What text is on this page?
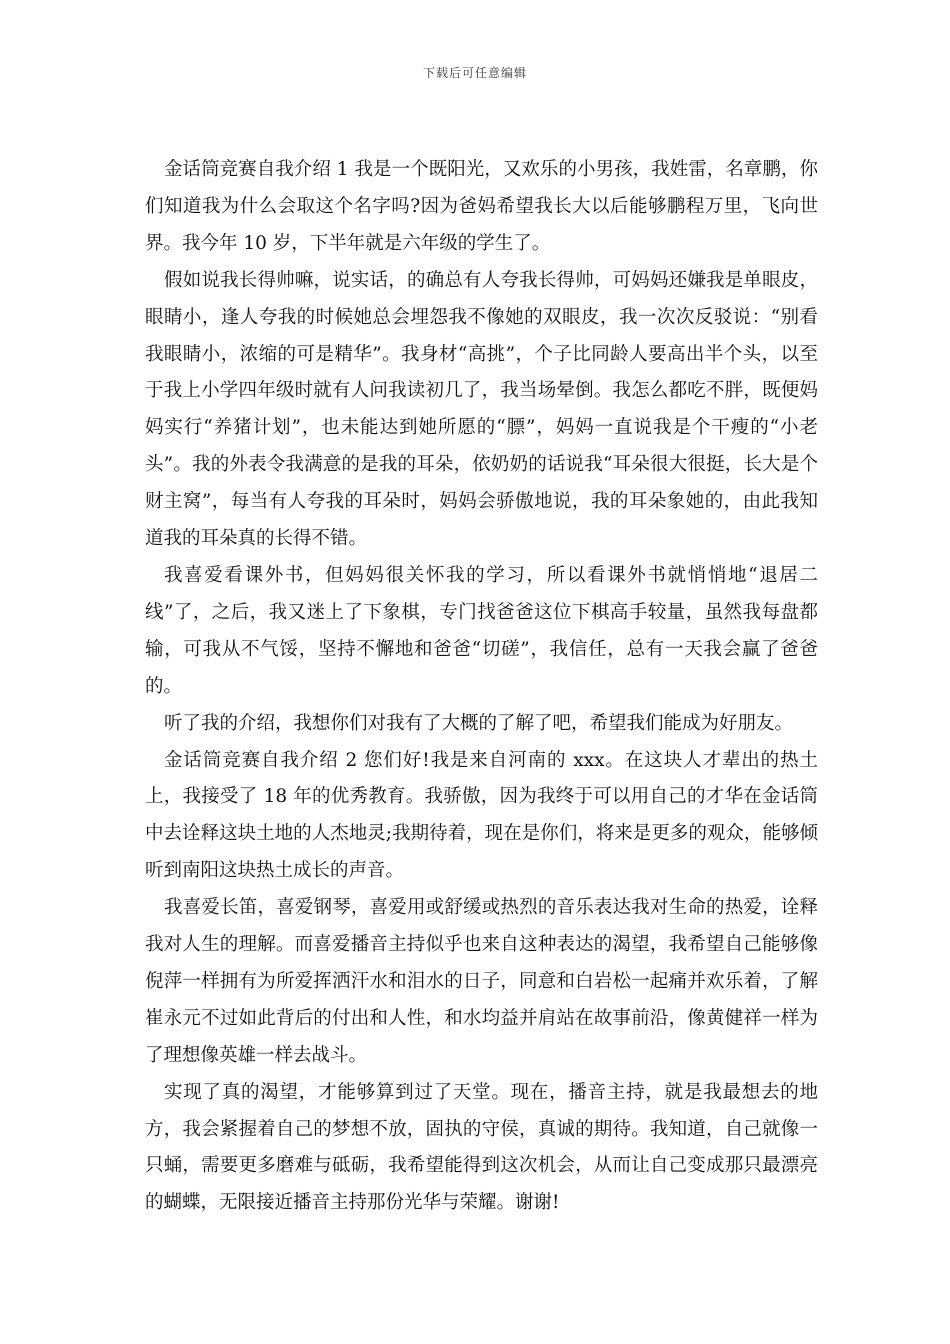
下载后可任意编辑

金话筒竞赛自我介绍 1 我是一个既阳光，又欢乐的小男孩，我姓雷，名章鹏，你们知道我为什么会取这个名字吗?因为爸妈希望我长大以后能够鹏程万里，飞向世界。我今年 10 岁，下半年就是六年级的学生了。

假如说我长得帅嘛，说实话，的确总有人夸我长得帅，可妈妈还嫌我是单眼皮，眼睛小，逢人夸我的时候她总会埋怨我不像她的双眼皮，我一次次反驳说：“别看我眼睛小，浓缩的可是精华”。我身材“高挑”，个子比同龄人要高出半个头，以至于我上小学四年级时就有人问我读初几了，我当场晕倒。我怎么都吃不胖，既便妈妈实行“养猪计划”，也未能达到她所愿的“膘”，妈妈一直说我是个干瘦的“小老头”。我的外表令我满意的是我的耳朵，依奶奶的话说我“耳朵很大很挺，长大是个财主窝”，每当有人夸我的耳朵时，妈妈会骄傲地说，我的耳朵象她的，由此我知道我的耳朵真的长得不错。

我喜爱看课外书，但妈妈很关怀我的学习，所以看课外书就悄悄地“退居二线”了，之后，我又迷上了下象棋，专门找爸爸这位下棋高手较量，虽然我每盘都输，可我从不气馁，坚持不懈地和爸爸“切磋”，我信任，总有一天我会赢了爸爸的。

听了我的介绍，我想你们对我有了大概的了解了吧，希望我们能成为好朋友。

金话筒竞赛自我介绍 2 您们好!我是来自河南的 xxx。在这块人才辈出的热土上，我接受了 18 年的优秀教育。我骄傲，因为我终于可以用自己的才华在金话筒中去诠释这块土地的人杰地灵;我期待着，现在是你们，将来是更多的观众，能够倾听到南阳这块热土成长的声音。

我喜爱长笛，喜爱钢琴，喜爱用或舒缓或热烈的音乐表达我对生命的热爱，诠释我对人生的理解。而喜爱播音主持似乎也来自这种表达的渴望，我希望自己能够像倪萍一样拥有为所爱挥洒汗水和泪水的日子，同意和白岩松一起痛并欢乐着，了解崔永元不过如此背后的付出和人性，和水均益并肩站在故事前沿，像黄健祥一样为了理想像英雄一样去战斗。

实现了真的渴望，才能够算到过了天堂。现在，播音主持，就是我最想去的地方，我会紧握着自己的梦想不放，固执的守侯，真诚的期待。我知道，自己就像一只蛹，需要更多磨难与砥砺，我希望能得到这次机会，从而让自己变成那只最漂亮的蝴蝶，无限接近播音主持那份光华与荣耀。谢谢!
